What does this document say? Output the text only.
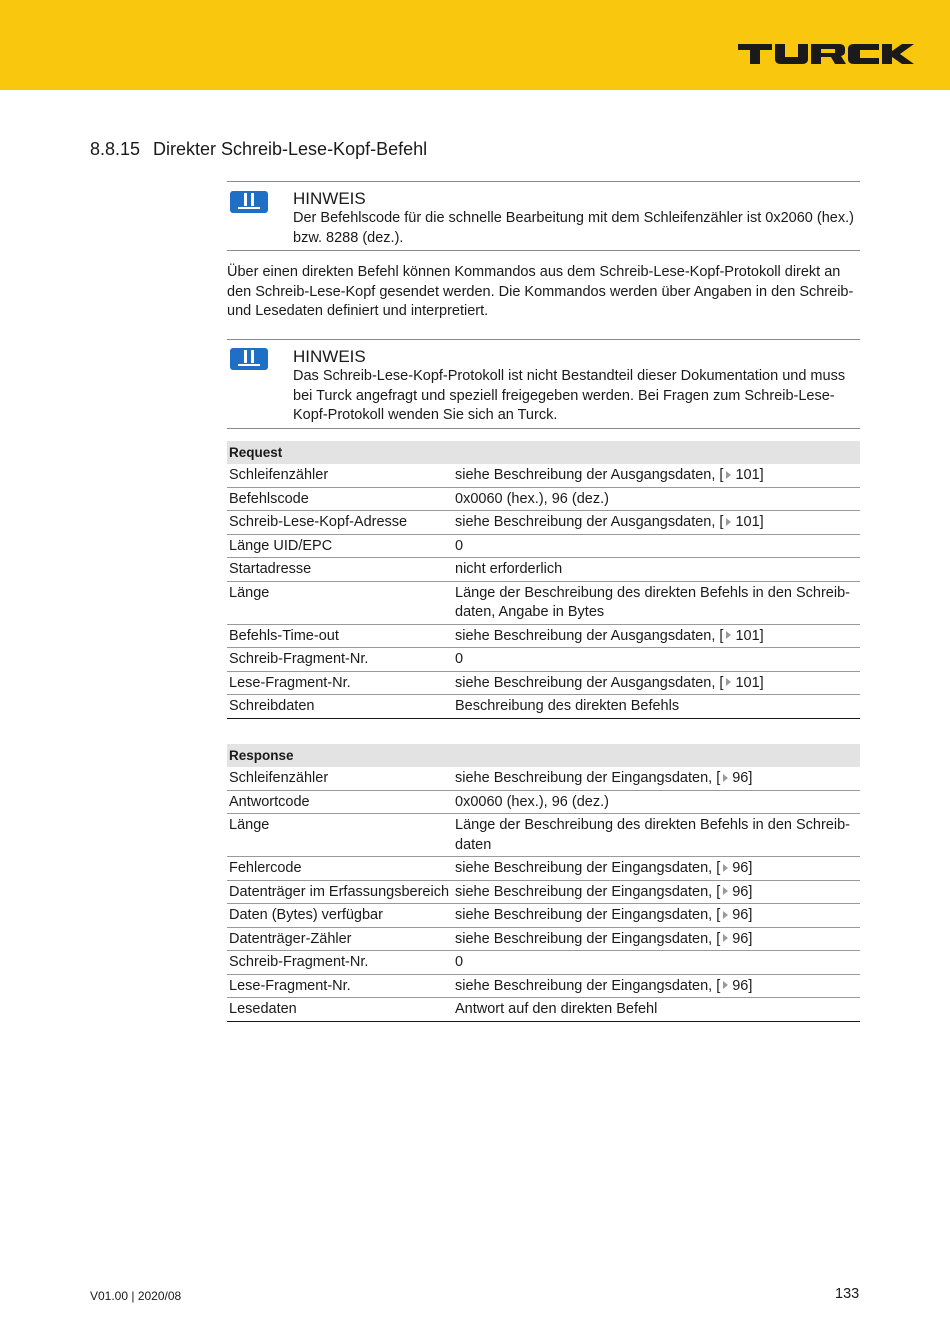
8.8.15 Direkter Schreib-Lese-Kopf-Befehl
HINWEIS
Der Befehlscode für die schnelle Bearbeitung mit dem Schleifenzähler ist 0x2060 (hex.) bzw. 8288 (dez.).
Über einen direkten Befehl können Kommandos aus dem Schreib-Lese-Kopf-Protokoll direkt an den Schreib-Lese-Kopf gesendet werden. Die Kommandos werden über Angaben in den Schreib- und Lesedaten definiert und interpretiert.
HINWEIS
Das Schreib-Lese-Kopf-Protokoll ist nicht Bestandteil dieser Dokumentation und muss bei Turck angefragt und speziell freigegeben werden. Bei Fragen zum Schreib-Lese-Kopf-Protokoll wenden Sie sich an Turck.
Request	
Schleifenzähler	siehe Beschreibung der Ausgangsdaten, [ 101]
Befehlscode	0x0060 (hex.), 96 (dez.)
Schreib-Lese-Kopf-Adresse	siehe Beschreibung der Ausgangsdaten, [ 101]
Länge UID/EPC	0
Startadresse	nicht erforderlich
Länge	Länge der Beschreibung des direkten Befehls in den Schreib-daten, Angabe in Bytes
Befehls-Time-out	siehe Beschreibung der Ausgangsdaten, [ 101]
Schreib-Fragment-Nr.	0
Lese-Fragment-Nr.	siehe Beschreibung der Ausgangsdaten, [ 101]
Schreibdaten	Beschreibung des direkten Befehls
Response	
Schleifenzähler	siehe Beschreibung der Eingangsdaten, [ 96]
Antwortcode	0x0060 (hex.), 96 (dez.)
Länge	Länge der Beschreibung des direkten Befehls in den Schreib-daten
Fehlercode	siehe Beschreibung der Eingangsdaten, [ 96]
Datenträger im Erfassungsbereich	siehe Beschreibung der Eingangsdaten, [ 96]
Daten (Bytes) verfügbar	siehe Beschreibung der Eingangsdaten, [ 96]
Datenträger-Zähler	siehe Beschreibung der Eingangsdaten, [ 96]
Schreib-Fragment-Nr.	0
Lese-Fragment-Nr.	siehe Beschreibung der Eingangsdaten, [ 96]
Lesedaten	Antwort auf den direkten Befehl
V01.00 | 2020/08	133
